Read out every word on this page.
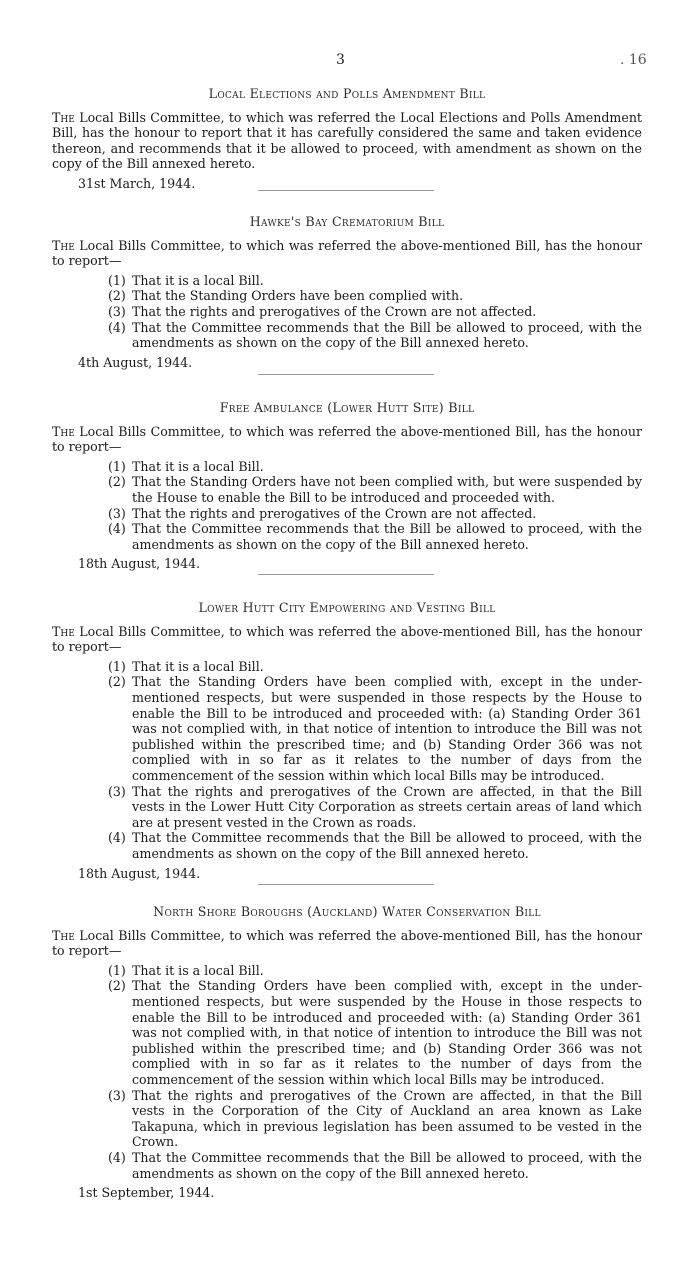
3	. 16
Local Elections and Polls Amendment Bill

The Local Bills Committee, to which was referred the Local Elections and Polls Amendment Bill, has the honour to report that it has carefully considered the same and taken evidence thereon, and recommends that it be allowed to proceed, with amendment as shown on the copy of the Bill annexed hereto.

31st March, 1944.
Hawke's Bay Crematorium Bill

The Local Bills Committee, to which was referred the above-mentioned Bill, has the honour to report—

(1) That it is a local Bill.
(2) That the Standing Orders have been complied with.
(3) That the rights and prerogatives of the Crown are not affected.
(4) That the Committee recommends that the Bill be allowed to proceed, with the amendments as shown on the copy of the Bill annexed hereto.
4th August, 1944.
Free Ambulance (Lower Hutt Site) Bill

The Local Bills Committee, to which was referred the above-mentioned Bill, has the honour to report—

(1) That it is a local Bill.
(2) That the Standing Orders have not been complied with, but were suspended by the House to enable the Bill to be introduced and proceeded with.
(3) That the rights and prerogatives of the Crown are not affected.
(4) That the Committee recommends that the Bill be allowed to proceed, with the amendments as shown on the copy of the Bill annexed hereto.
18th August, 1944.
Lower Hutt City Empowering and Vesting Bill

The Local Bills Committee, to which was referred the above-mentioned Bill, has the honour to report—

(1) That it is a local Bill.
(2) That the Standing Orders have been complied with, except in the under-mentioned respects, but were suspended in those respects by the House to enable the Bill to be introduced and proceeded with: (a) Standing Order 361 was not complied with, in that notice of intention to introduce the Bill was not published within the prescribed time; and (b) Standing Order 366 was not complied with in so far as it relates to the number of days from the commencement of the session within which local Bills may be introduced.
(3) That the rights and prerogatives of the Crown are affected, in that the Bill vests in the Lower Hutt City Corporation as streets certain areas of land which are at present vested in the Crown as roads.
(4) That the Committee recommends that the Bill be allowed to proceed, with the amendments as shown on the copy of the Bill annexed hereto.
18th August, 1944.
North Shore Boroughs (Auckland) Water Conservation Bill

The Local Bills Committee, to which was referred the above-mentioned Bill, has the honour to report—

(1) That it is a local Bill.
(2) That the Standing Orders have been complied with, except in the under-mentioned respects, but were suspended by the House in those respects to enable the Bill to be introduced and proceeded with: (a) Standing Order 361 was not complied with, in that notice of intention to introduce the Bill was not published within the prescribed time; and (b) Standing Order 366 was not complied with in so far as it relates to the number of days from the commencement of the session within which local Bills may be introduced.
(3) That the rights and prerogatives of the Crown are affected, in that the Bill vests in the Corporation of the City of Auckland an area known as Lake Takapuna, which in previous legislation has been assumed to be vested in the Crown.
(4) That the Committee recommends that the Bill be allowed to proceed, with the amendments as shown on the copy of the Bill annexed hereto.
1st September, 1944.
